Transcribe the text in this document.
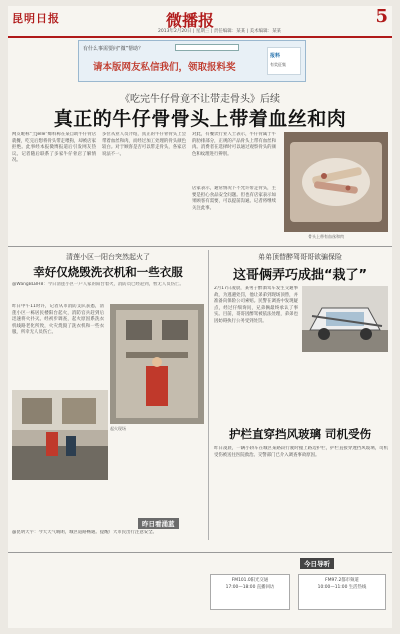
昆明日报	微播报	5
2013年2月20日 | 星期三 | 责任编辑：某某 | 美术编辑：某某
有什么事需要问“微”帮助？
请本版网友私信我们，领取报料奖
报料
有奖征集
《吃完牛仔骨竟不让带走骨头》后续
真正的牛仔骨骨头上带着血丝和肉
网友昵称“土Jelle”爆料称在某自助牛仔骨店就餐，吃完后想将骨头带走喂狗，却被店家拒绝。此事经本报微博报道后引发网友热议。记者随后联系了多家牛仔骨店了解情况。
多位从业人员介绍，真正的牛仔骨骨头上会带着血丝和肉，而经过加工处理的骨头颜色较白。对于顾客是否可以带走骨头，各家店说法不一。
对此，有餐饮行业人士表示，牛仔骨属于牛的肋排部分，正规的产品骨头上带有血丝和肉。消费者在选择时可以通过观察骨头的颜色和纹理进行辨别。
店家表示，通常情况下不允许带走骨头，主要是担心食品安全问题。但也有店家表示如果顾客有需要，可以提前沟通。记者将继续关注此事。
骨头上带有血丝和肉
清莲小区一阳台突然起火了
幸好仅烧毁洗衣机和一些衣服
@WangBLBH8：今日清莲小区一户人家的阳台着火，消防员已经赶到，暂无人员伤亡。
昨日中午11时许，记者从市消防支队获悉，清莲小区一栋居民楼阳台起火，消防官兵赶到后迅速将火扑灭。经初步调查，起火原因系洗衣机线路老化所致，火灾烧毁了洗衣机和一些衣服，所幸无人员伤亡。
起火现场
昨日看涌蓝
@昆明天宇：今天天气晴朗，城区道路畅通。提醒广大市民出行注意安全。
弟弟顶替醉驾哥哥欲骗保险
这哥俩弄巧成拙“栽了”
2月17日凌晨，某男子醉酒驾车发生交通事故，为逃避处罚，他让弟弟到现场顶替，并准备向保险公司索赔。民警在调查中发现疑点，经过仔细询问，兄弟俩最终承认了事实。目前，哥哥因醉驾被依法处理，弟弟也因妨碍执行公务受到处罚。
护栏直穿挡风玻璃 司机受伤
昨日凌晨，一辆小轿车在城区某路段行驶时撞上路边护栏，护栏直接穿透挡风玻璃，司机受伤被送往医院救治。交警部门已介入调查事故原因。
今日导听
FM101.0阳光交通
17:00—18:00 直播回访
FM97.2都市频道
10:00—11:00 生活热线
